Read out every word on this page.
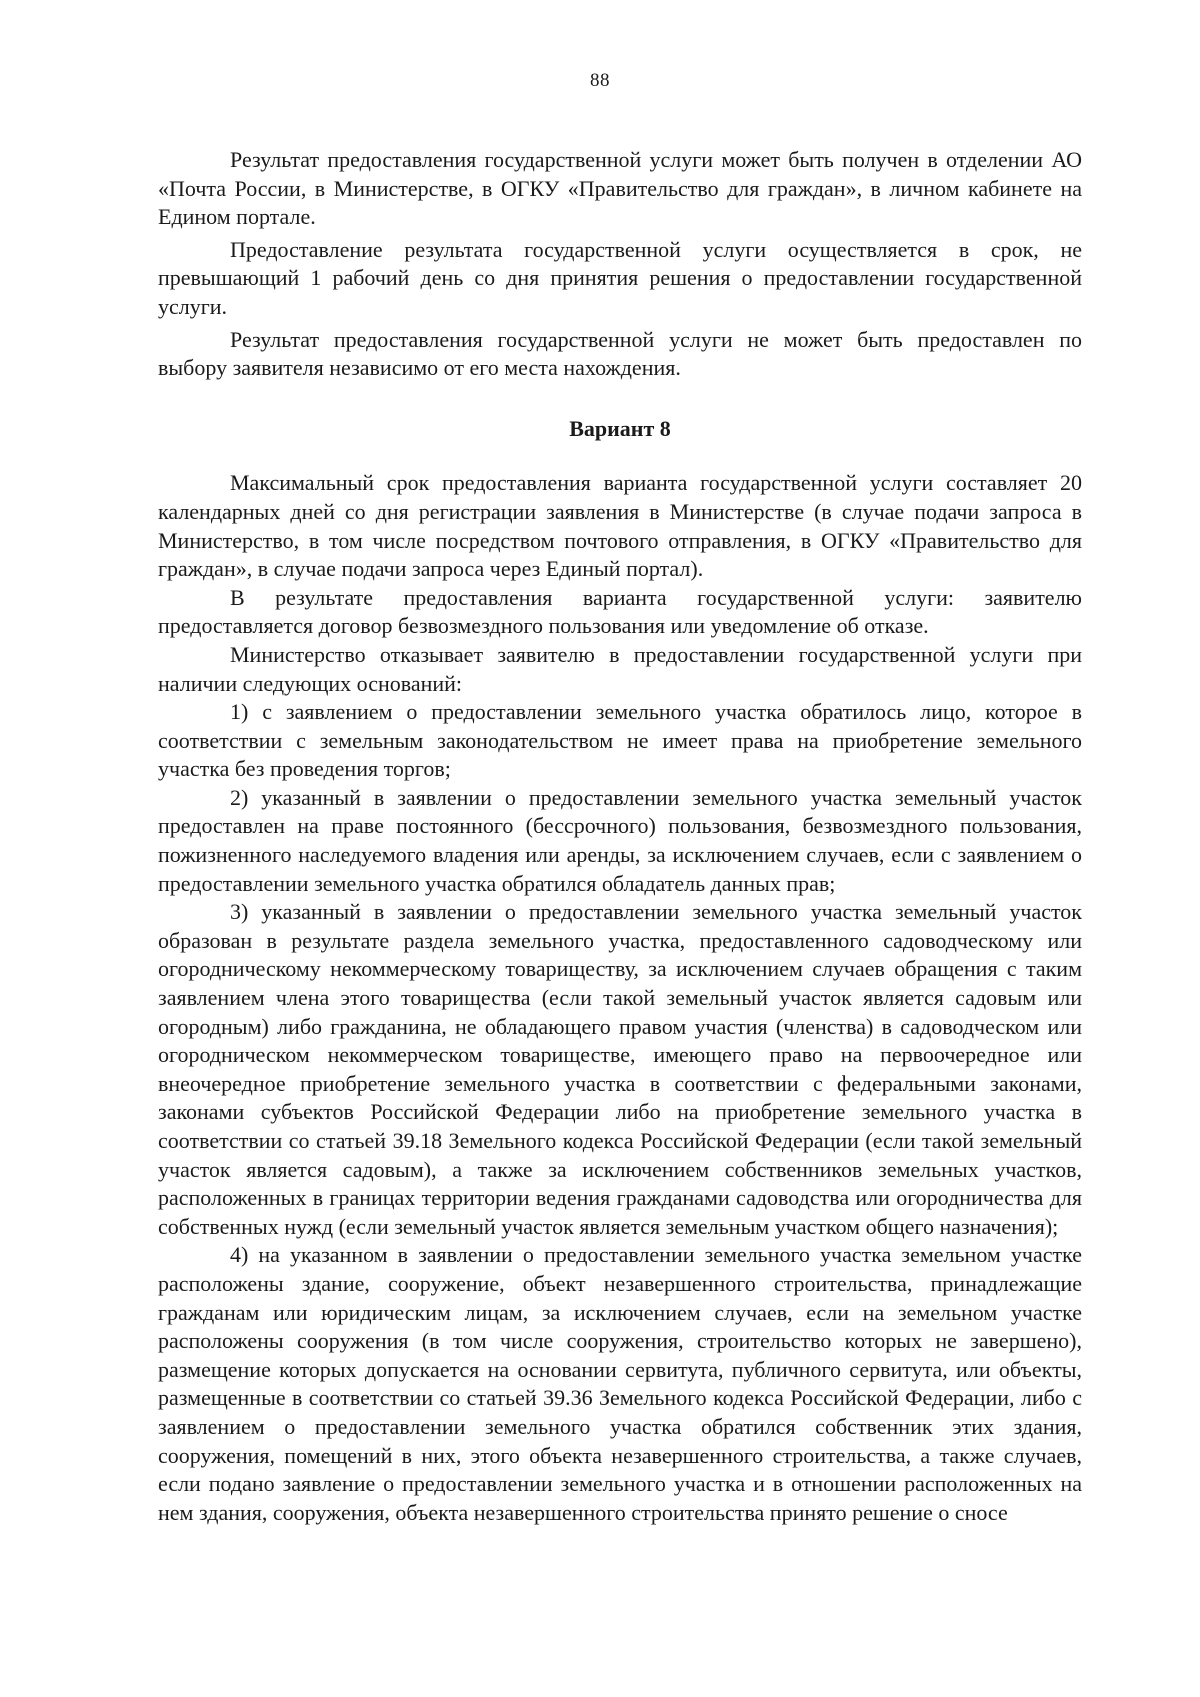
88

Результат предоставления государственной услуги может быть получен в отделении АО «Почта России, в Министерстве, в ОГКУ «Правительство для граждан», в личном кабинете на Едином портале.

Предоставление результата государственной услуги осуществляется в срок, не превышающий 1 рабочий день со дня принятия решения о предоставлении государственной услуги.

Результат предоставления государственной услуги не может быть предоставлен по выбору заявителя независимо от его места нахождения.

Вариант 8

Максимальный срок предоставления варианта государственной услуги составляет 20 календарных дней со дня регистрации заявления в Министерстве (в случае подачи запроса в Министерство, в том числе посредством почтового отправления, в ОГКУ «Правительство для граждан», в случае подачи запроса через Единый портал).

В результате предоставления варианта государственной услуги: заявителю предоставляется договор безвозмездного пользования или уведомление об отказе.

Министерство отказывает заявителю в предоставлении государственной услуги при наличии следующих оснований:

1) с заявлением о предоставлении земельного участка обратилось лицо, которое в соответствии с земельным законодательством не имеет права на приобретение земельного участка без проведения торгов;

2) указанный в заявлении о предоставлении земельного участка земельный участок предоставлен на праве постоянного (бессрочного) пользования, безвозмездного пользования, пожизненного наследуемого владения или аренды, за исключением случаев, если с заявлением о предоставлении земельного участка обратился обладатель данных прав;

3) указанный в заявлении о предоставлении земельного участка земельный участок образован в результате раздела земельного участка, предоставленного садоводческому или огородническому некоммерческому товариществу, за исключением случаев обращения с таким заявлением члена этого товарищества (если такой земельный участок является садовым или огородным) либо гражданина, не обладающего правом участия (членства) в садоводческом или огородническом некоммерческом товариществе, имеющего право на первоочередное или внеочередное приобретение земельного участка в соответствии с федеральными законами, законами субъектов Российской Федерации либо на приобретение земельного участка в соответствии со статьей 39.18 Земельного кодекса Российской Федерации (если такой земельный участок является садовым), а также за исключением собственников земельных участков, расположенных в границах территории ведения гражданами садоводства или огородничества для собственных нужд (если земельный участок является земельным участком общего назначения);

4) на указанном в заявлении о предоставлении земельного участка земельном участке расположены здание, сооружение, объект незавершенного строительства, принадлежащие гражданам или юридическим лицам, за исключением случаев, если на земельном участке расположены сооружения (в том числе сооружения, строительство которых не завершено), размещение которых допускается на основании сервитута, публичного сервитута, или объекты, размещенные в соответствии со статьей 39.36 Земельного кодекса Российской Федерации, либо с заявлением о предоставлении земельного участка обратился собственник этих здания, сооружения, помещений в них, этого объекта незавершенного строительства, а также случаев, если подано заявление о предоставлении земельного участка и в отношении расположенных на нем здания, сооружения, объекта незавершенного строительства принято решение о сносе
